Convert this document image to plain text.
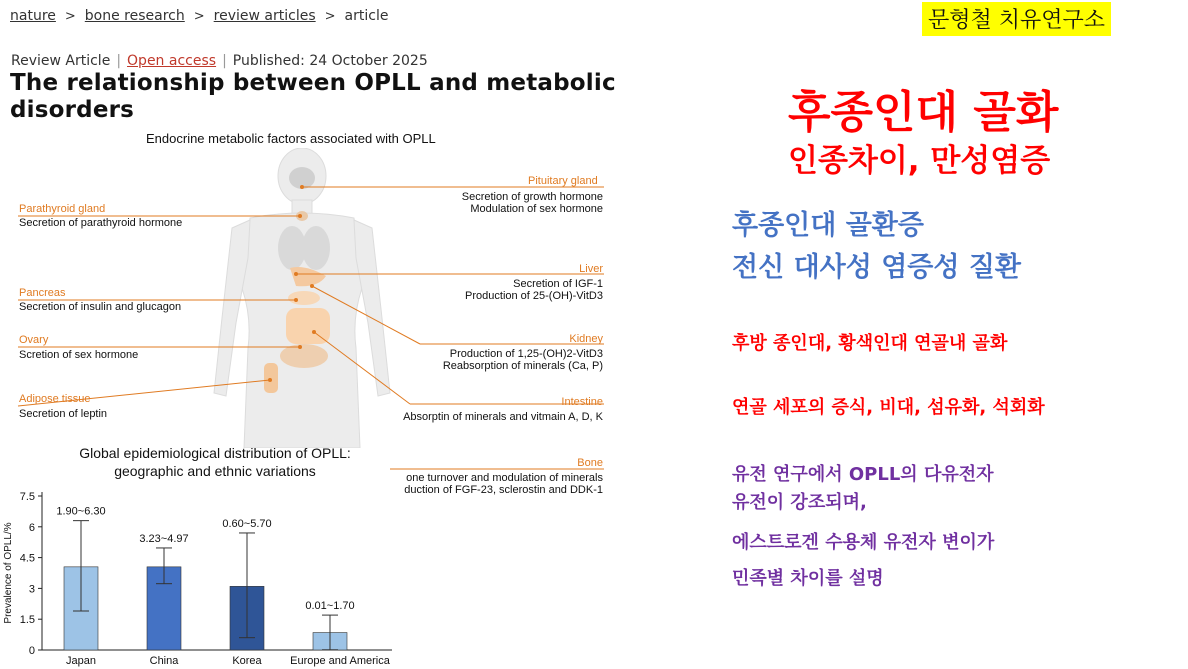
nature > bone research > review articles > article	문형철 치유연구소
Review Article | Open access | Published: 24 October 2025
The relationship between OPLL and metabolic
disorders	후종인대 골화
인종차이, 만성염증
후종인대 골환증
전신 대사성 염증성 질환
후방 종인대, 황색인대 연골내 골화
연골 세포의 증식, 비대, 섬유화, 석회화
유전 연구에서 OPLL의 다유전자
유전이 강조되며,
에스트로겐 수용체 유전자 변이가
민족별 차이를 설명
Endocrine metabolic factors associated with OPLL
Pituitary gland
Secretion of growth hormone
Modulation of sex hormone
Parathyroid gland
Secretion of parathyroid hormone
Liver
Secretion of IGF-1
Production of 25-(OH)-VitD3
Pancreas
Secretion of insulin and glucagon
Kidney
Production of 1,25-(OH)2-VitD3
Reabsorption of minerals (Ca, P)
Ovary
Scretion of sex hormone
Adipose tissue
Secretion of leptin
Intestine
Absorptin of minerals and vitmain A, D, K
Bone
one turnover and modulation of minerals
duction of FGF-23, sclerostin and DDK-1
Global epidemiological distribution of OPLL:
geographic and ethnic variations
0
1.5
3
4.5
6
7.5
Prevalence of OPLL/%
1.90~6.30
Japan
3.23~4.97
China
0.60~5.70
Korea
0.01~1.70
Europe and America
